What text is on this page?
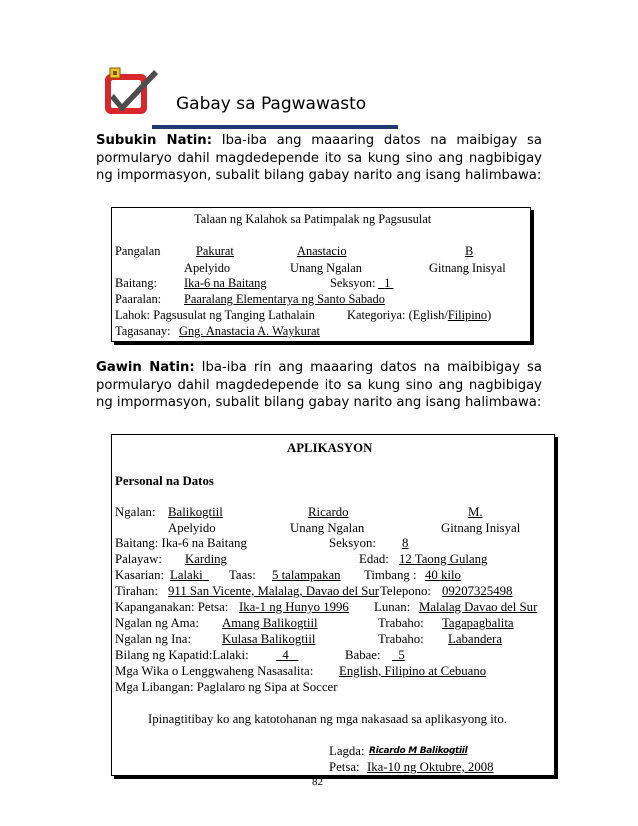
Gabay sa Pagwawasto
Subukin Natin: Iba-iba ang maaaring datos na maibigay sa pormularyo dahil magdedepende ito sa kung sino ang nagbibigay ng impormasyon, subalit bilang gabay narito ang isang halimbawa:
Talaan ng Kalahok sa Patimpalak ng Pagsusulat
Pangalan	Pakurat	Anastacio	B
Apelyido	Unang Ngalan	Gitnang Inisyal
Baitang: Ika-6 na Baitang	Seksyon: 1
Paaralan: Paaralang Elementarya ng Santo Sabado
Lahok: Pagsusulat ng Tanging Lathalain	Kategoriya: (Eglish/Filipino)
Tagasanay: Gng. Anastacia A. Waykurat
Gawin Natin: Iba-iba rin ang maaaring datos na maibibigay sa pormularyo dahil magdedepende ito sa kung sino ang nagbibigay ng impormasyon, subalit bilang gabay narito ang isang halimbawa:
APLIKASYON
Personal na Datos
Ngalan: Balikogtiil	Ricardo	M.
Apelyido	Unang Ngalan	Gitnang Inisyal
Baitang: Ika-6 na Baitang	Seksyon: 8
Palayaw: Karding	Edad: 12 Taong Gulang
Kasarian: Lalaki	Taas: 5 talampakan Timbang : 40 kilo
Tirahan: 911 San Vicente, Malalag, Davao del Sur Telepono: 09207325498
Kapanganakan: Petsa: Ika-1 ng Hunyo 1996 Lunan: Malalag Davao del Sur
Ngalan ng Ama: Amang Balikogtiil	Trabaho: Tagapagbalita
Ngalan ng Ina: Kulasa Balikogtiil	Trabaho: Labandera
Bilang ng Kapatid:Lalaki:	4	Babae:	5
Mga Wika o Lenggwaheng Nasasalita: English, Filipino at Cebuano
Mga Libangan: Paglalaro ng Sipa at Soccer
Ipinagtitibay ko ang katotohanan ng mga nakasaad sa aplikasyong ito.
Lagda: Ricardo M Balikogtiil
Petsa: Ika-10 ng Oktubre, 2008
82
